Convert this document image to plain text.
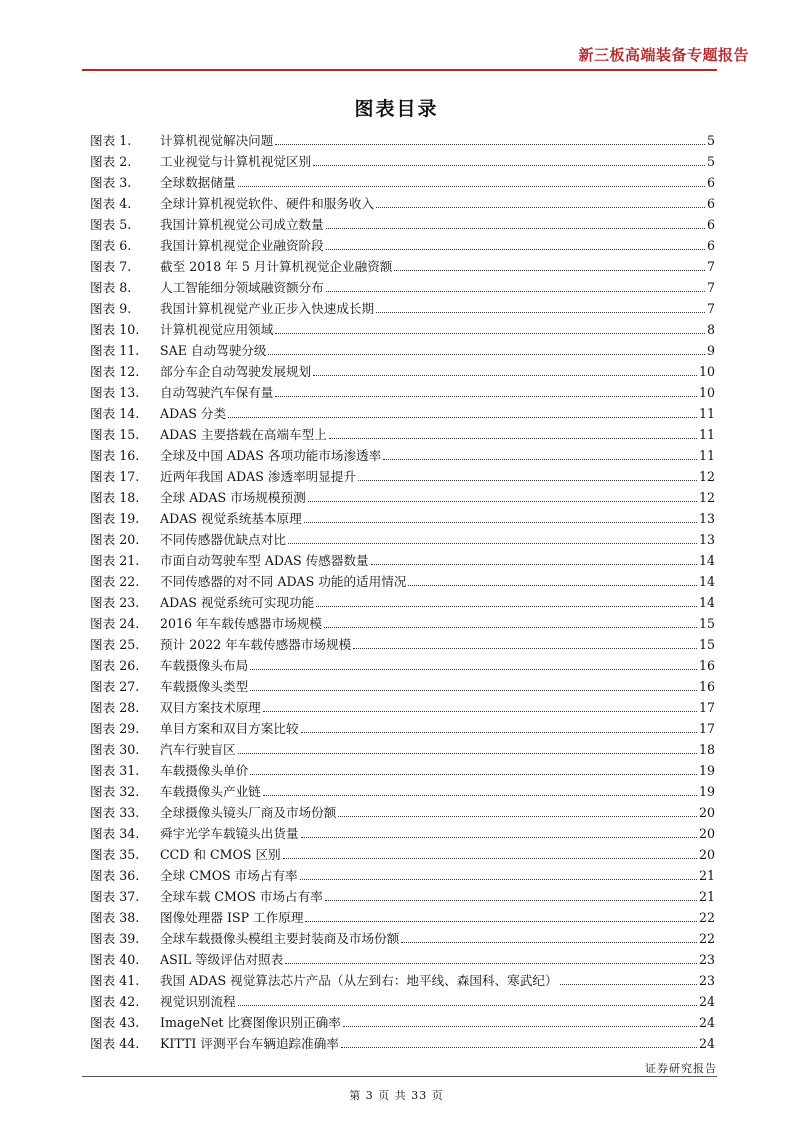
新三板高端装备专题报告
图表目录
图表 1.	计算机视觉解决问题	5
图表 2.	工业视觉与计算机视觉区别	5
图表 3.	全球数据储量	6
图表 4.	全球计算机视觉软件、硬件和服务收入	6
图表 5.	我国计算机视觉公司成立数量	6
图表 6.	我国计算机视觉企业融资阶段	6
图表 7.	截至 2018 年 5 月计算机视觉企业融资额	7
图表 8.	人工智能细分领域融资额分布	7
图表 9.	我国计算机视觉产业正步入快速成长期	7
图表 10.	计算机视觉应用领域	8
图表 11.	SAE 自动驾驶分级	9
图表 12.	部分车企自动驾驶发展规划	10
图表 13.	自动驾驶汽车保有量	10
图表 14.	ADAS 分类	11
图表 15.	ADAS 主要搭载在高端车型上	11
图表 16.	全球及中国 ADAS 各项功能市场渗透率	11
图表 17.	近两年我国 ADAS 渗透率明显提升	12
图表 18.	全球 ADAS 市场规模预测	12
图表 19.	ADAS 视觉系统基本原理	13
图表 20.	不同传感器优缺点对比	13
图表 21.	市面自动驾驶车型 ADAS 传感器数量	14
图表 22.	不同传感器的对不同 ADAS 功能的适用情况	14
图表 23.	ADAS 视觉系统可实现功能	14
图表 24.	2016 年车载传感器市场规模	15
图表 25.	预计 2022 年车载传感器市场规模	15
图表 26.	车载摄像头布局	16
图表 27.	车载摄像头类型	16
图表 28.	双目方案技术原理	17
图表 29.	单目方案和双目方案比较	17
图表 30.	汽车行驶盲区	18
图表 31.	车载摄像头单价	19
图表 32.	车载摄像头产业链	19
图表 33.	全球摄像头镜头厂商及市场份额	20
图表 34.	舜宇光学车载镜头出货量	20
图表 35.	CCD 和 CMOS 区别	20
图表 36.	全球 CMOS 市场占有率	21
图表 37.	全球车载 CMOS 市场占有率	21
图表 38.	图像处理器 ISP 工作原理	22
图表 39.	全球车载摄像头模组主要封装商及市场份额	22
图表 40.	ASIL 等级评估对照表	23
图表 41.	我国 ADAS 视觉算法芯片产品（从左到右：地平线、森国科、寒武纪）	23
图表 42.	视觉识别流程	24
图表 43.	ImageNet 比赛图像识别正确率	24
图表 44.	KITTI 评测平台车辆追踪准确率	24
证券研究报告
第 3 页 共 33 页
